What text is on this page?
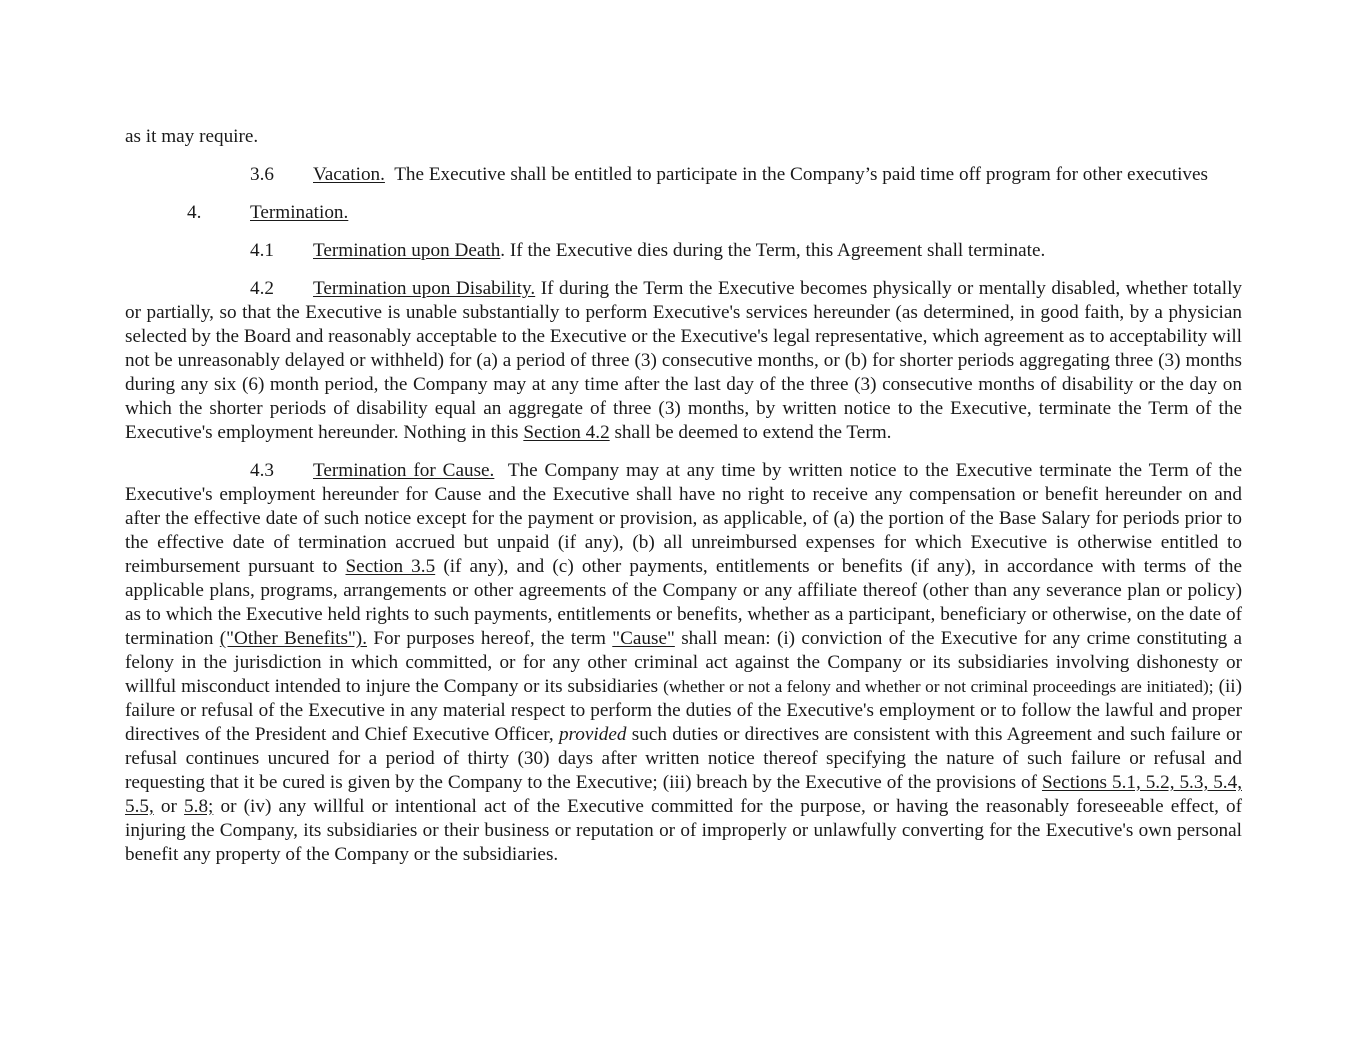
as it may require.

3.6 Vacation. The Executive shall be entitled to participate in the Company’s paid time off program for other executives

4.	Termination.

4.1 Termination upon Death. If the Executive dies during the Term, this Agreement shall terminate.

4.2 Termination upon Disability. If during the Term the Executive becomes physically or mentally disabled, whether totally or partially, so that the Executive is unable substantially to perform Executive's services hereunder (as determined, in good faith, by a physician selected by the Board and reasonably acceptable to the Executive or the Executive's legal representative, which agreement as to acceptability will not be unreasonably delayed or withheld) for (a) a period of three (3) consecutive months, or (b) for shorter periods aggregating three (3) months during any six (6) month period, the Company may at any time after the last day of the three (3) consecutive months of disability or the day on which the shorter periods of disability equal an aggregate of three (3) months, by written notice to the Executive, terminate the Term of the Executive's employment hereunder. Nothing in this Section 4.2 shall be deemed to extend the Term.

4.3 Termination for Cause. The Company may at any time by written notice to the Executive terminate the Term of the Executive's employment hereunder for Cause and the Executive shall have no right to receive any compensation or benefit hereunder on and after the effective date of such notice except for the payment or provision, as applicable, of (a) the portion of the Base Salary for periods prior to the effective date of termination accrued but unpaid (if any), (b) all unreimbursed expenses for which Executive is otherwise entitled to reimbursement pursuant to Section 3.5 (if any), and (c) other payments, entitlements or benefits (if any), in accordance with terms of the applicable plans, programs, arrangements or other agreements of the Company or any affiliate thereof (other than any severance plan or policy) as to which the Executive held rights to such payments, entitlements or benefits, whether as a participant, beneficiary or otherwise, on the date of termination ("Other Benefits"). For purposes hereof, the term "Cause" shall mean: (i) conviction of the Executive for any crime constituting a felony in the jurisdiction in which committed, or for any other criminal act against the Company or its subsidiaries involving dishonesty or willful misconduct intended to injure the Company or its subsidiaries (whether or not a felony and whether or not criminal proceedings are initiated); (ii) failure or refusal of the Executive in any material respect to perform the duties of the Executive's employment or to follow the lawful and proper directives of the President and Chief Executive Officer, provided such duties or directives are consistent with this Agreement and such failure or refusal continues uncured for a period of thirty (30) days after written notice thereof specifying the nature of such failure or refusal and requesting that it be cured is given by the Company to the Executive; (iii) breach by the Executive of the provisions of Sections 5.1, 5.2, 5.3, 5.4, 5.5, or 5.8; or (iv) any willful or intentional act of the Executive committed for the purpose, or having the reasonably foreseeable effect, of injuring the Company, its subsidiaries or their business or reputation or of improperly or unlawfully converting for the Executive's own personal benefit any property of the Company or the subsidiaries.
